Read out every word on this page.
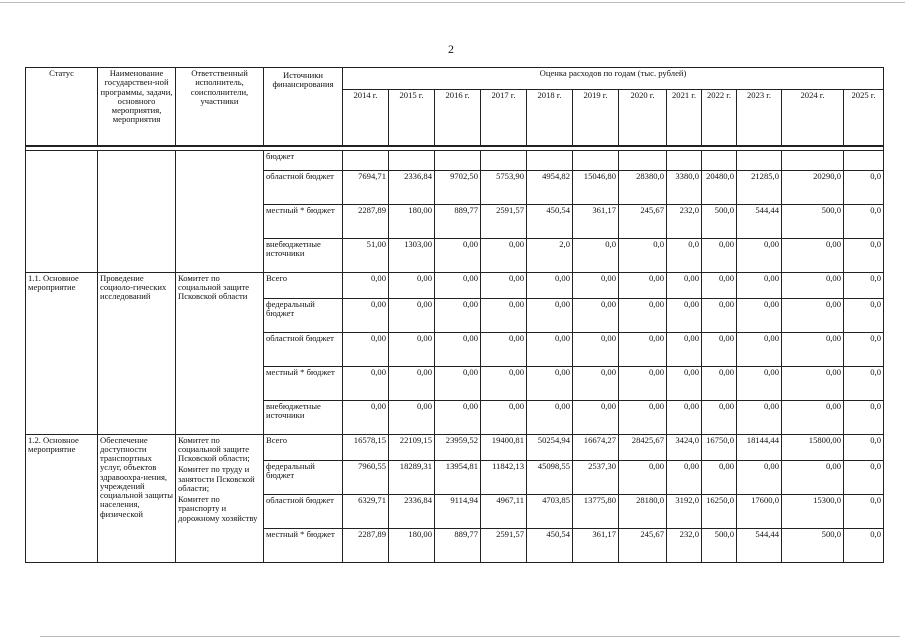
2
Статус	Наименование государствен-ной программы, задачи, основного мероприятия, мероприятия	Ответственный исполнитель, соисполнители, участники	Источники финансирования	Оценка расходов по годам (тыс. рублей)											
				2014 г.	2015 г.	2016 г.	2017 г.	2018 г.	2019 г.	2020 г.	2021 г.	2022 г.	2023 г.	2024 г.	2025 г.

			бюджет												
			областной бюджет	7694,71	2336,84	9702,50	5753,90	4954,82	15046,80	28380,0	3380,0	20480,0	21285,0	20290,0	0,0
			местный * бюджет	2287,89	180,00	889,77	2591,57	450,54	361,17	245,67	232,0	500,0	544,44	500,0	0,0
			внебюджетные источники	51,00	1303,00	0,00	0,00	2,0	0,0	0,0	0,0	0,00	0,00	0,00	0,0
1.1. Основное мероприятие	Проведение социоло-гических исследований	Комитет по социальной защите Псковской области	Всего	0,00	0,00	0,00	0,00	0,00	0,00	0,00	0,00	0,00	0,00	0,00	0,0
			федеральный бюджет	0,00	0,00	0,00	0,00	0,00	0,00	0,00	0,00	0,00	0,00	0,00	0,0
			областной бюджет	0,00	0,00	0,00	0,00	0,00	0,00	0,00	0,00	0,00	0,00	0,00	0,0
			местный * бюджет	0,00	0,00	0,00	0,00	0,00	0,00	0,00	0,00	0,00	0,00	0,00	0,0
			внебюджетные источники	0,00	0,00	0,00	0,00	0,00	0,00	0,00	0,00	0,00	0,00	0,00	0,0
1.2. Основное мероприятие	Обеспечение доступности транспортных услуг, объектов здравоохра-нения, учреждений социальной защиты населения, физической	Комитет по социальной защите Псковской области;
Комитет по труду и занятости Псковской области;
Комитет по транспорту и дорожному хозяйству	Всего	16578,15	22109,15	23959,52	19400,81	50254,94	16674,27	28425,67	3424,0	16750,0	18144,44	15800,00	0,0
			федеральный бюджет	7960,55	18289,31	13954,81	11842,13	45098,55	2537,30	0,00	0,00	0,00	0,00	0,00	0,0
			областной бюджет	6329,71	2336,84	9114,94	4967,11	4703,85	13775,80	28180,0	3192,0	16250,0	17600,0	15300,0	0,0
			местный * бюджет	2287,89	180,00	889,77	2591,57	450,54	361,17	245,67	232,0	500,0	544,44	500,0	0,0
